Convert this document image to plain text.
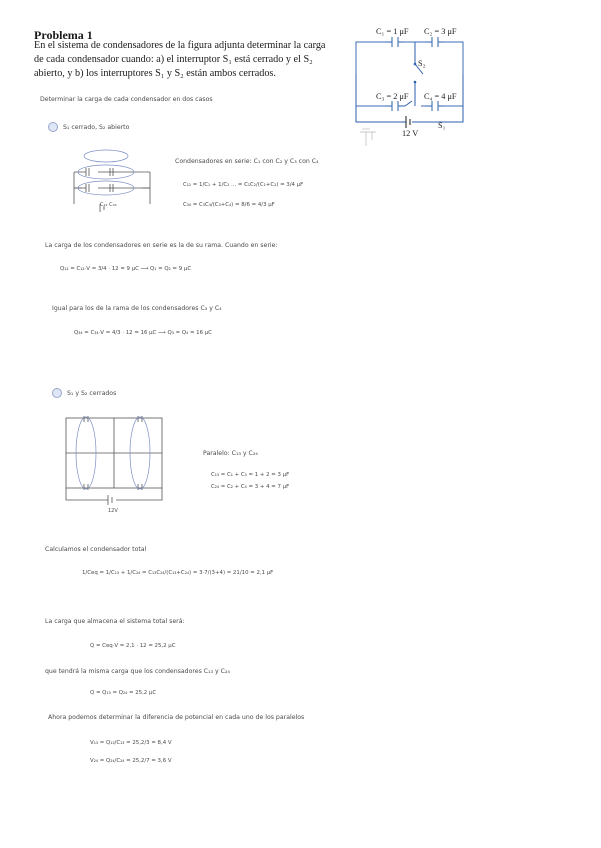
Problema 1

En el sistema de condensadores de la figura adjunta determinar la carga de cada condensador cuando: a) el interruptor S₁ está cerrado y el S₂ abierto, y b) los interruptores S₁ y S₂ están ambos cerrados.

C₁ = 1 μF C₂ = 3 μF
S₂
C₃ = 2 μF C₄ = 4 μF
S₁
12 V
Determinar la carga de cada condensador en dos casos
S₁ cerrado, S₂ abierto
C₁₂ C₃₄
Condensadores en serie: C₁ con C₂ y C₃ con C₄
C₁₂ = 1/C₁ + 1/C₂ ... = C₁C₂/(C₁+C₂) = 3/4 μF
C₃₄ = C₃C₄/(C₃+C₄) = 8/6 = 4/3 μF
La carga de los condensadores en serie es la de su rama. Cuando en serie:
Q₁₂ = C₁₂·V = 3/4 · 12 = 9 μC ⟶ Q₁ = Q₂ = 9 μC
Igual para los de la rama de los condensadores C₃ y C₄
Q₃₄ = C₃₄·V = 4/3 · 12 = 16 μC ⟶ Q₃ = Q₄ = 16 μC
S₁ y S₂ cerrados
12V
Paralelo: C₁₃ y C₂₄
C₁₃ = C₁ + C₃ = 1 + 2 = 3 μF
C₂₄ = C₂ + C₄ = 3 + 4 = 7 μF
Calculamos el condensador total
1/Ceq = 1/C₁₃ + 1/C₂₄ = C₁₃C₂₄/(C₁₃+C₂₄) = 3·7/(3+4) = 21/10 = 2,1 μF
La carga que almacena el sistema total será:
Q = Ceq·V = 2,1 · 12 = 25,2 μC
que tendrá la misma carga que los condensadores C₁₃ y C₂₄
Q = Q₁₃ = Q₂₄ = 25,2 μC
Ahora podemos determinar la diferencia de potencial en cada uno de los paralelos
V₁₃ = Q₁₃/C₁₃ = 25,2/3 = 8,4 V
V₂₄ = Q₂₄/C₂₄ = 25,2/7 = 3,6 V
